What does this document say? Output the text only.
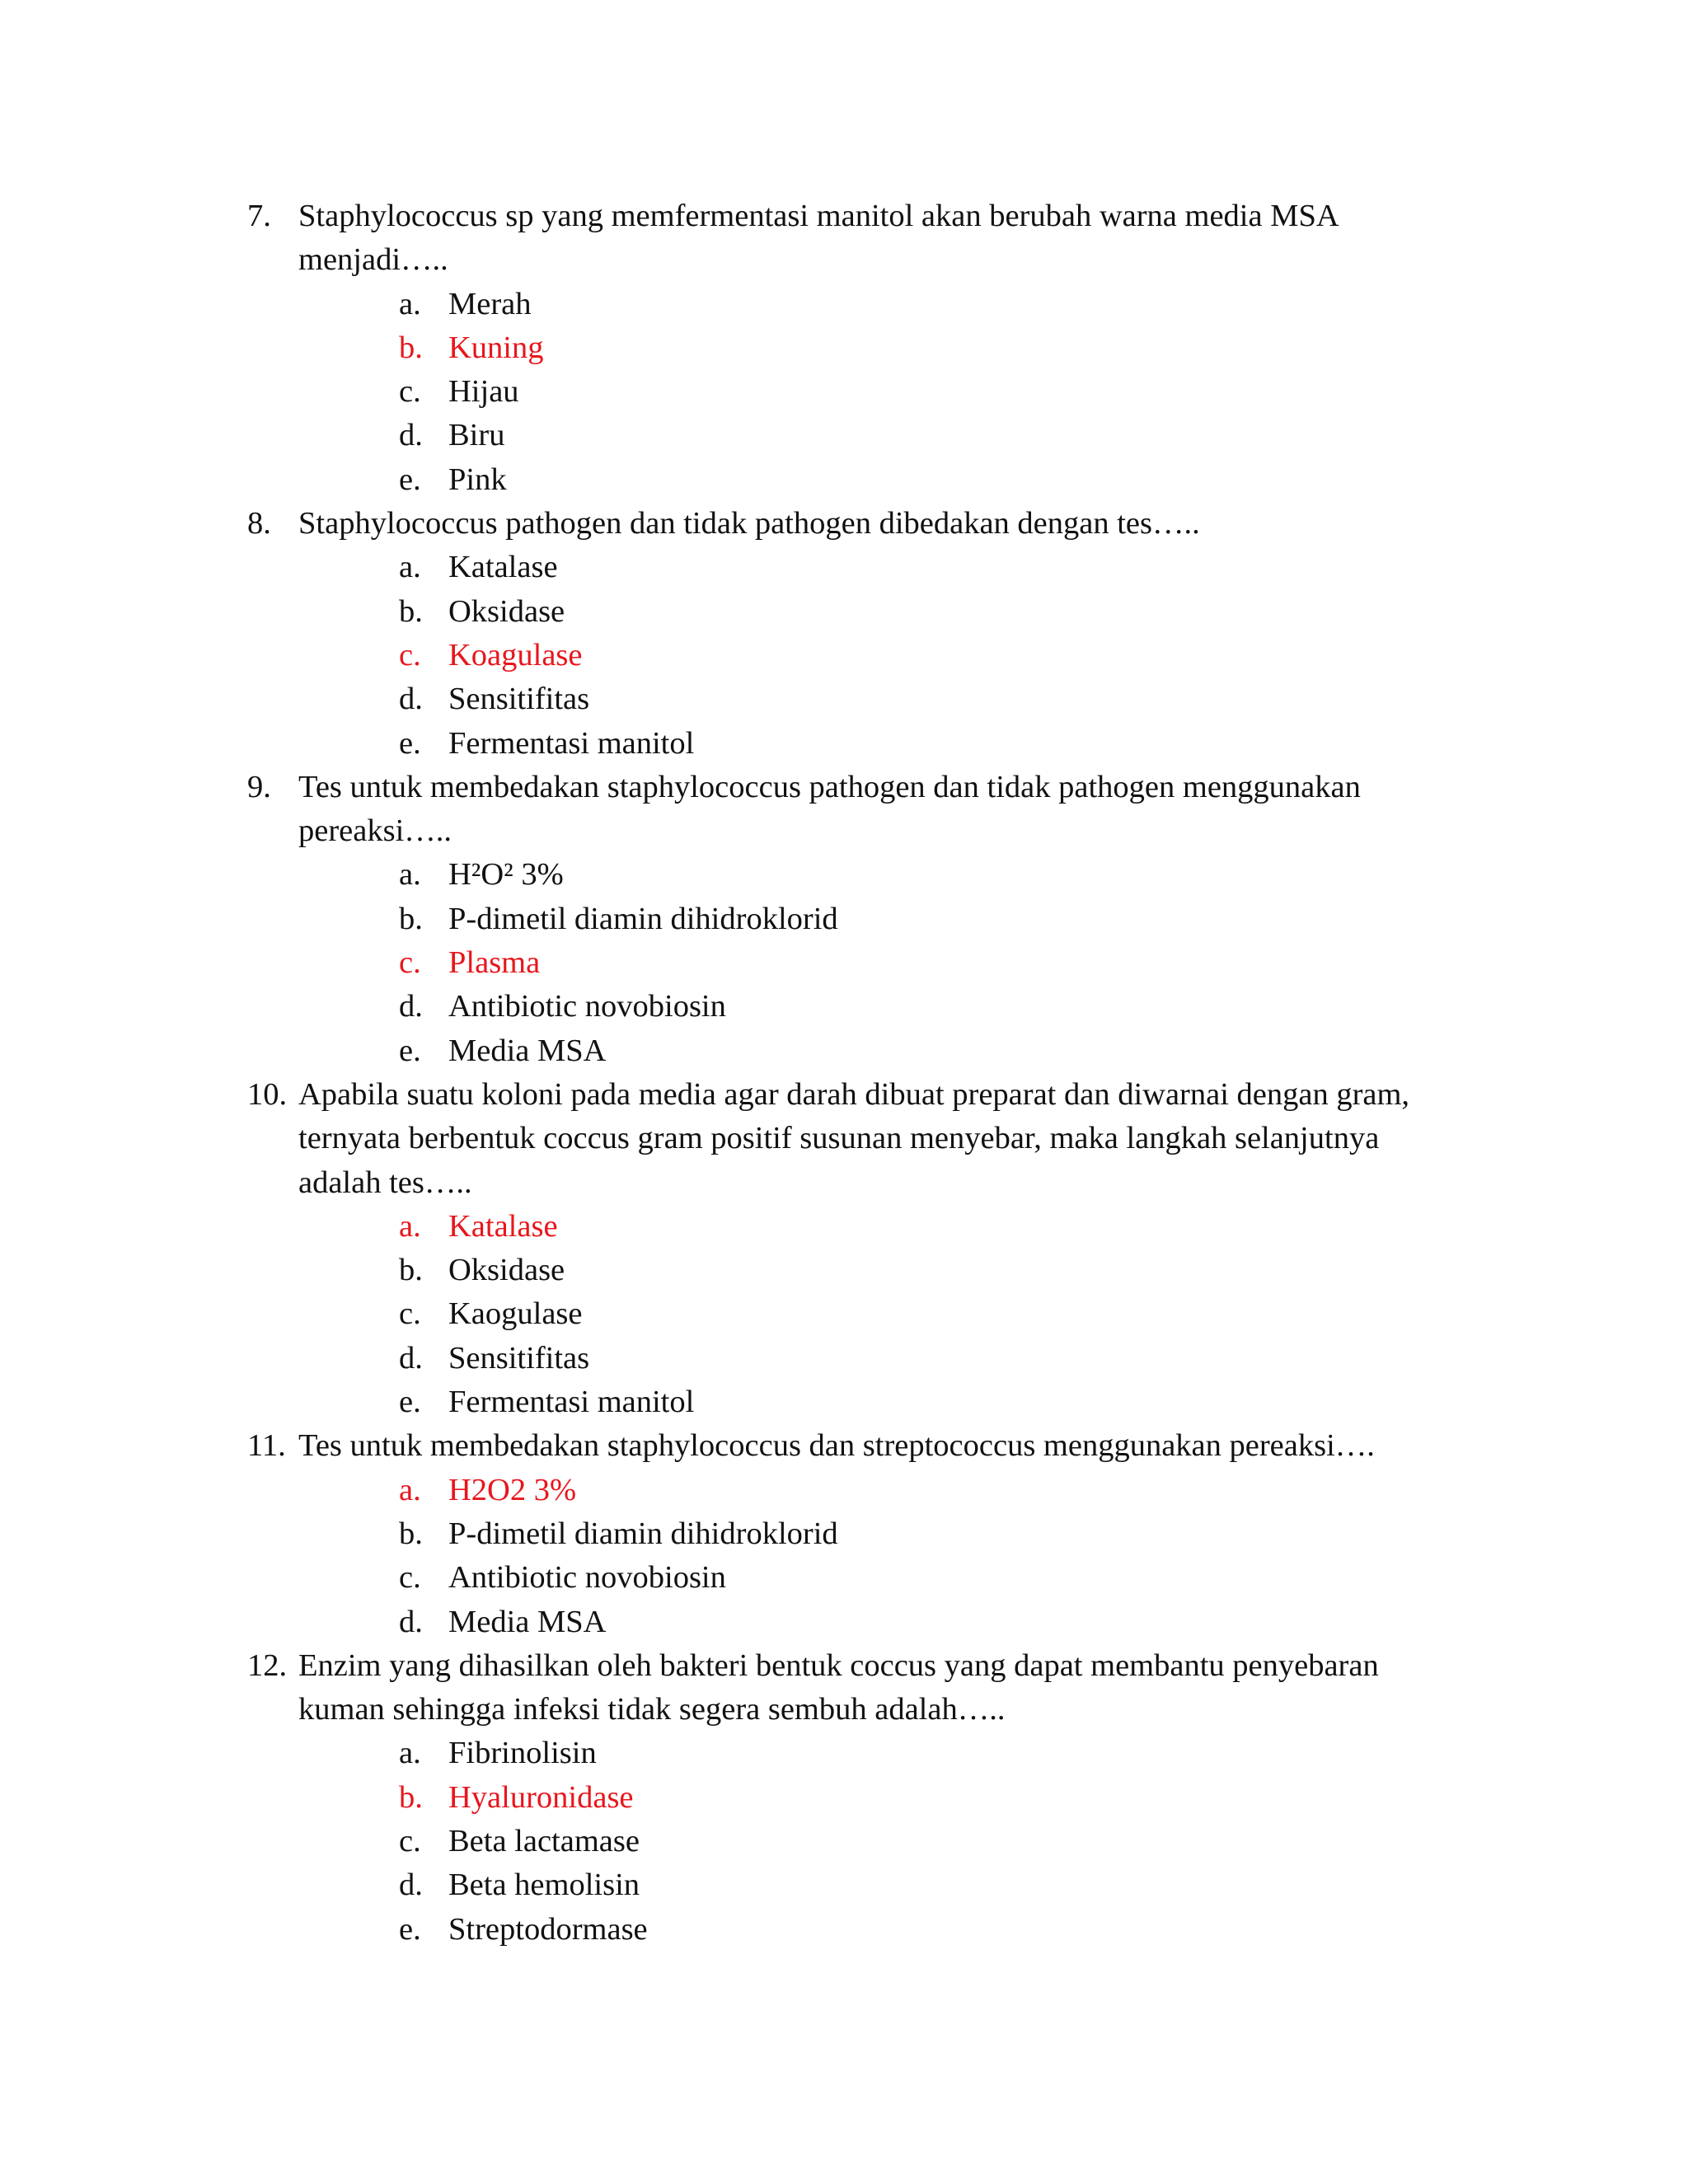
7. Staphylococcus sp yang memfermentasi manitol akan berubah warna media MSA menjadi…..
a. Merah
b. Kuning
c. Hijau
d. Biru
e. Pink
8. Staphylococcus pathogen dan tidak pathogen dibedakan dengan tes…..
a. Katalase
b. Oksidase
c. Koagulase
d. Sensitifitas
e. Fermentasi manitol
9. Tes untuk membedakan staphylococcus pathogen dan tidak pathogen menggunakan pereaksi…..
a. H²O² 3%
b. P-dimetil diamin dihidroklorid
c. Plasma
d. Antibiotic novobiosin
e. Media MSA
10. Apabila suatu koloni pada media agar darah dibuat preparat dan diwarnai dengan gram, ternyata berbentuk coccus gram positif susunan menyebar, maka langkah selanjutnya adalah tes…..
a. Katalase
b. Oksidase
c. Kaogulase
d. Sensitifitas
e. Fermentasi manitol
11. Tes untuk membedakan staphylococcus dan streptococcus menggunakan pereaksi….
a. H2O2 3%
b. P-dimetil diamin dihidroklorid
c. Antibiotic novobiosin
d. Media MSA
12. Enzim yang dihasilkan oleh bakteri bentuk coccus yang dapat membantu penyebaran kuman sehingga infeksi tidak segera sembuh adalah…..
a. Fibrinolisin
b. Hyaluronidase
c. Beta lactamase
d. Beta hemolisin
e. Streptodormase
